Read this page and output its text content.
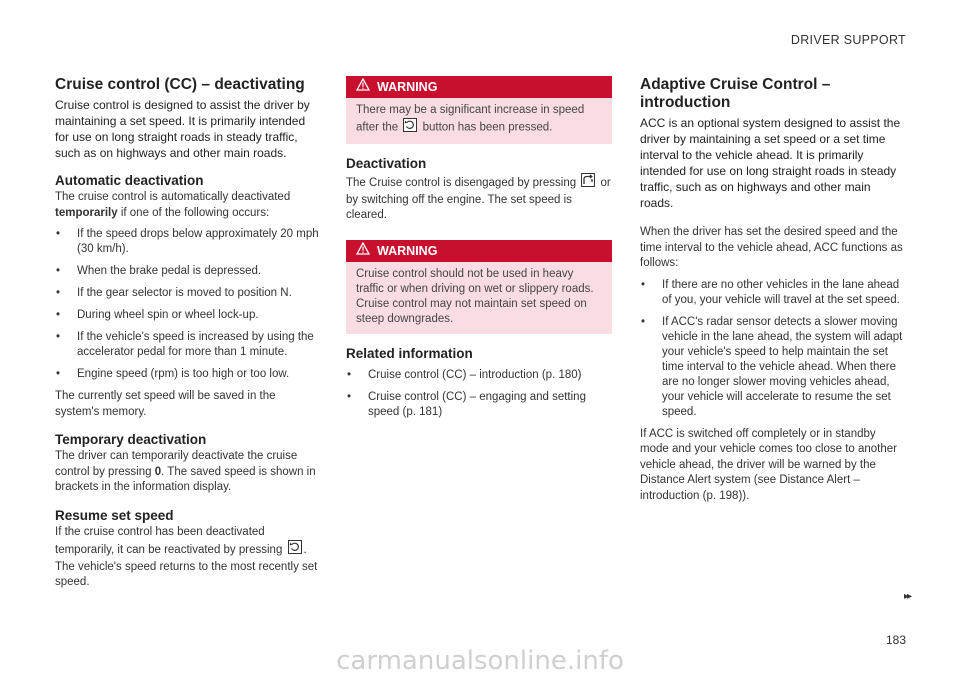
DRIVER SUPPORT
Cruise control (CC) – deactivating

Cruise control is designed to assist the driver by maintaining a set speed. It is primarily intended for use on long straight roads in steady traffic, such as on highways and other main roads.

Automatic deactivation

The cruise control is automatically deactivated temporarily if one of the following occurs:

• If the speed drops below approximately 20 mph (30 km/h).
• When the brake pedal is depressed.
• If the gear selector is moved to position N.
• During wheel spin or wheel lock-up.
• If the vehicle's speed is increased by using the accelerator pedal for more than 1 minute.
• Engine speed (rpm) is too high or too low.

The currently set speed will be saved in the system's memory.

Temporary deactivation

The driver can temporarily deactivate the cruise control by pressing 0. The saved speed is shown in brackets in the information display.

Resume set speed

If the cruise control has been deactivated temporarily, it can be reactivated by pressing . The vehicle's speed returns to the most recently set speed.

WARNING
There may be a significant increase in speed after the  button has been pressed.
Deactivation

The Cruise control is disengaged by pressing  or by switching off the engine. The set speed is cleared.

WARNING
Cruise control should not be used in heavy traffic or when driving on wet or slippery roads. Cruise control may not maintain set speed on steep downgrades.
Related information
• Cruise control (CC) – introduction (p. 180)
• Cruise control (CC) – engaging and setting speed (p. 181)
Adaptive Cruise Control – introduction

ACC is an optional system designed to assist the driver by maintaining a set speed or a set time interval to the vehicle ahead. It is primarily intended for use on long straight roads in steady traffic, such as on highways and other main roads.

When the driver has set the desired speed and the time interval to the vehicle ahead, ACC functions as follows:

• If there are no other vehicles in the lane ahead of you, your vehicle will travel at the set speed.
• If ACC's radar sensor detects a slower moving vehicle in the lane ahead, the system will adapt your vehicle's speed to help maintain the set time interval to the vehicle ahead. When there are no longer slower moving vehicles ahead, your vehicle will accelerate to resume the set speed.

If ACC is switched off completely or in standby mode and your vehicle comes too close to another vehicle ahead, the driver will be warned by the Distance Alert system (see Distance Alert – introduction (p. 198)).

▸▸
183
carmanualsonline.info
